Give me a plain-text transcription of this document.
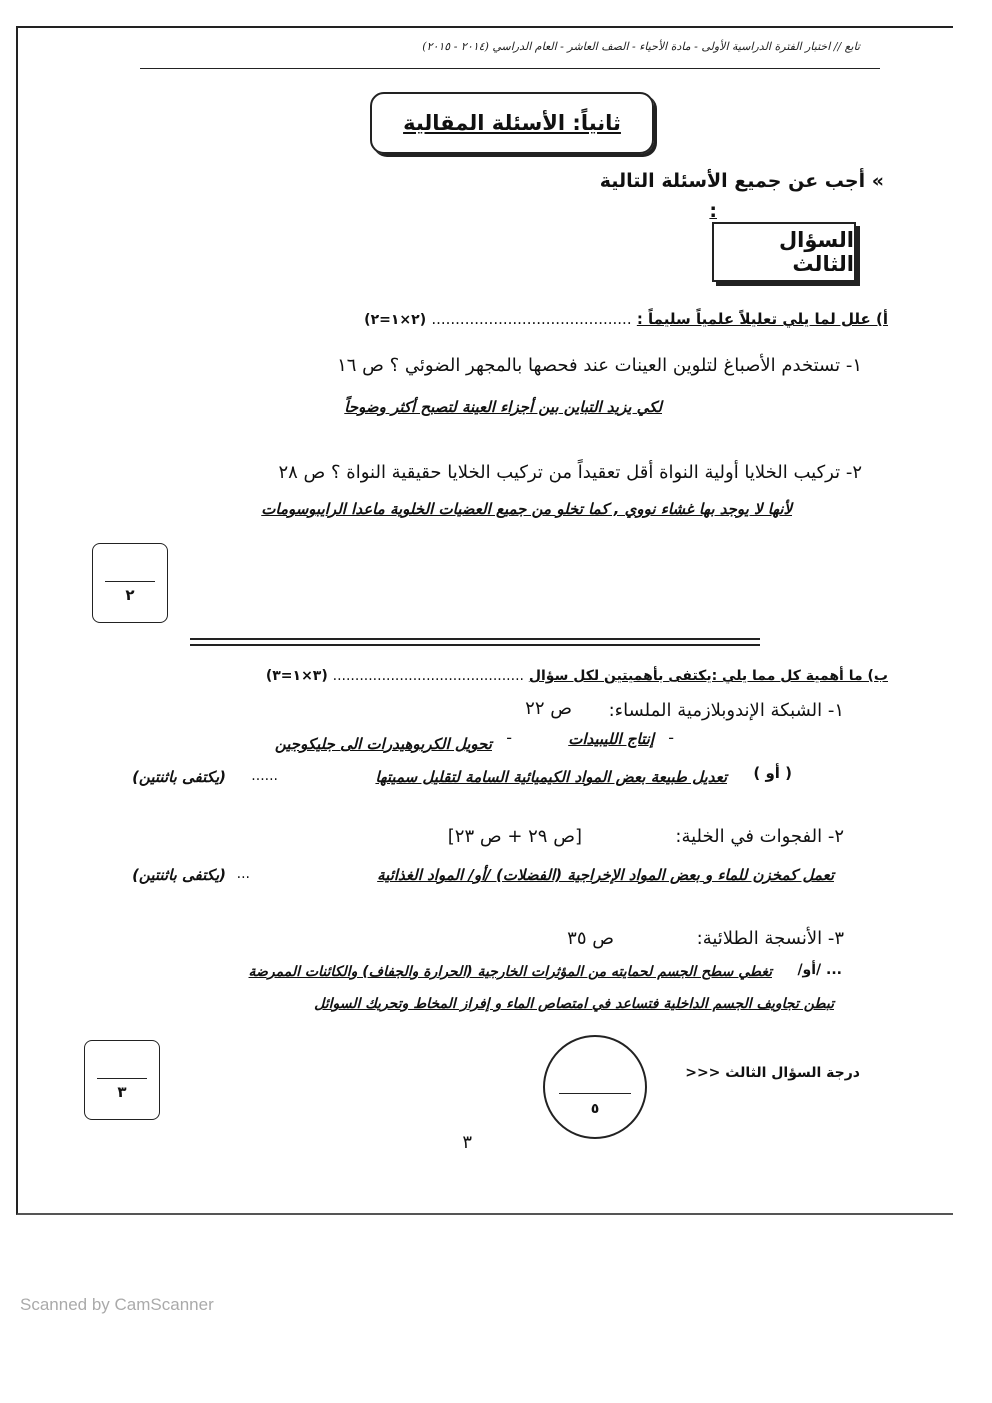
تابع // اختبار الفترة الدراسية الأولى - مادة الأحياء - الصف العاشر - العام الدراسي (٢٠١٤ - ٢٠١٥)
ثانياً: الأسئلة المقالية
» أجب عن جميع الأسئلة التالية
:
السؤال الثالث
أ) علل لما يلي تعليلاً علمياً سليماً : .......................................... (٢×١=٢)
١- تستخدم الأصباغ لتلوين العينات عند فحصها بالمجهر الضوئي ؟ ص ١٦
لكي يزيد التباين بين أجزاء العينة لتصبح أكثر وضوحاً
٢- تركيب الخلايا أولية النواة أقل تعقيداً من تركيب الخلايا حقيقية النواة ؟ ص ٢٨
لأنها لا يوجد بها غشاء نووي , كما تخلو من جميع العضيات الخلوية ماعدا الرايبوسومات
٢
ب) ما أهمية كل مما يلي :يكتفى بأهميتين لكل سؤال ........................................... (٣×١=٣)
١- الشبكة الإندوبلازمية الملساء:
ص ٢٢
-
إنتاج الليبيدات
-
تحويل الكربوهيدرات الى جليكوجين
( أو )
تعديل طبيعة بعض المواد الكيميائية السامة لتقليل سميتها
......
(يكتفى باثنتين)
٢- الفجوات في الخلية:
[ص ٢٩ + ص ٢٣]
تعمل كمخزن للماء و بعض المواد الإخراجية (الفضلات) /أو/ المواد الغذائية
...
(يكتفى باثنتين)
٣- الأنسجة الطلائية:
ص ٣٥
تغطي سطح الجسم لحمايته من المؤثرات الخارجية (الحرارة والجفاف) والكائنات الممرضة ... /أو/
تبطن تجاويف الجسم الداخلية فتساعد في امتصاص الماء و إفراز المخاط وتحريك السوائل
٣
٥
درجة السؤال الثالث <<<
٣
Scanned by CamScanner
